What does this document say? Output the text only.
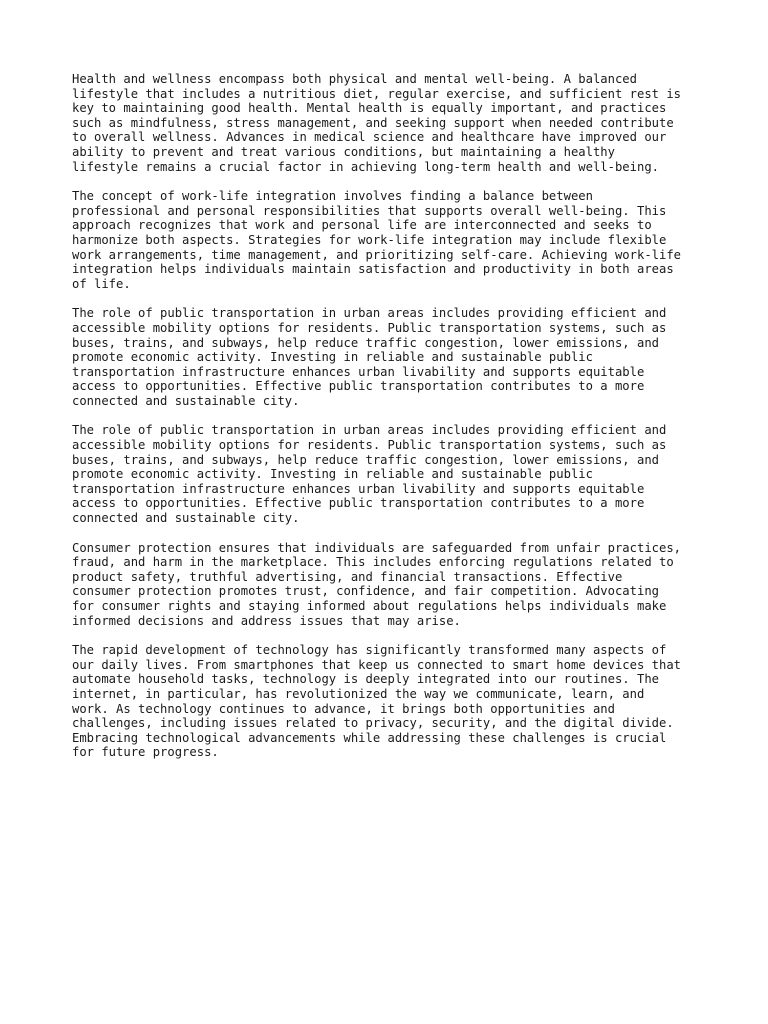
Health and wellness encompass both physical and mental well-being. A balanced
lifestyle that includes a nutritious diet, regular exercise, and sufficient rest is
key to maintaining good health. Mental health is equally important, and practices
such as mindfulness, stress management, and seeking support when needed contribute
to overall wellness. Advances in medical science and healthcare have improved our
ability to prevent and treat various conditions, but maintaining a healthy
lifestyle remains a crucial factor in achieving long-term health and well-being.

The concept of work-life integration involves finding a balance between
professional and personal responsibilities that supports overall well-being. This
approach recognizes that work and personal life are interconnected and seeks to
harmonize both aspects. Strategies for work-life integration may include flexible
work arrangements, time management, and prioritizing self-care. Achieving work-life
integration helps individuals maintain satisfaction and productivity in both areas
of life.

The role of public transportation in urban areas includes providing efficient and
accessible mobility options for residents. Public transportation systems, such as
buses, trains, and subways, help reduce traffic congestion, lower emissions, and
promote economic activity. Investing in reliable and sustainable public
transportation infrastructure enhances urban livability and supports equitable
access to opportunities. Effective public transportation contributes to a more
connected and sustainable city.

The role of public transportation in urban areas includes providing efficient and
accessible mobility options for residents. Public transportation systems, such as
buses, trains, and subways, help reduce traffic congestion, lower emissions, and
promote economic activity. Investing in reliable and sustainable public
transportation infrastructure enhances urban livability and supports equitable
access to opportunities. Effective public transportation contributes to a more
connected and sustainable city.

Consumer protection ensures that individuals are safeguarded from unfair practices,
fraud, and harm in the marketplace. This includes enforcing regulations related to
product safety, truthful advertising, and financial transactions. Effective
consumer protection promotes trust, confidence, and fair competition. Advocating
for consumer rights and staying informed about regulations helps individuals make
informed decisions and address issues that may arise.

The rapid development of technology has significantly transformed many aspects of
our daily lives. From smartphones that keep us connected to smart home devices that
automate household tasks, technology is deeply integrated into our routines. The
internet, in particular, has revolutionized the way we communicate, learn, and
work. As technology continues to advance, it brings both opportunities and
challenges, including issues related to privacy, security, and the digital divide.
Embracing technological advancements while addressing these challenges is crucial
for future progress.
